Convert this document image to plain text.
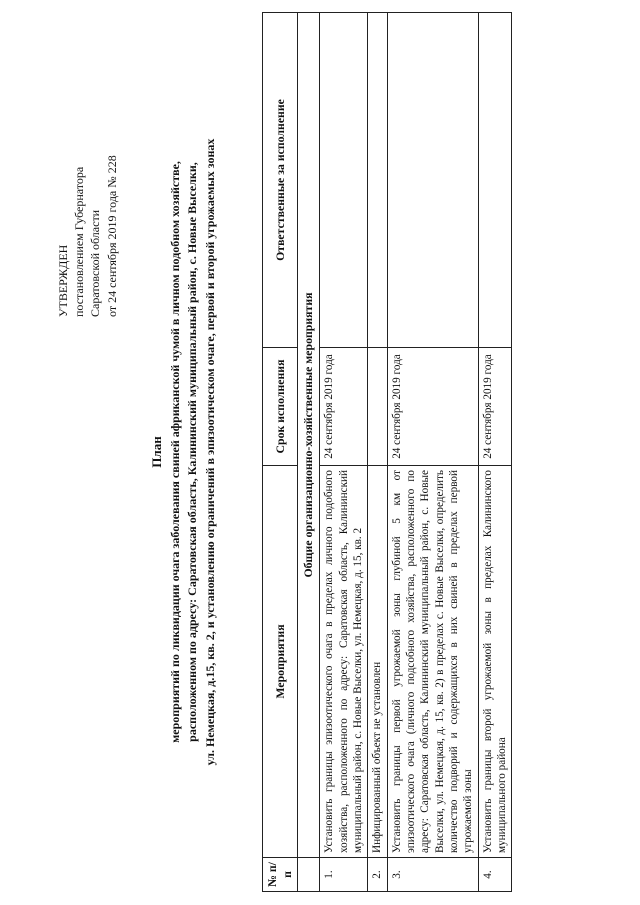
УТВЕРЖДЕН постановлением Губернатора Саратовской области от 24 сентября 2019 года № 228
План мероприятий по ликвидации очага заболевания свиней африканской чумой в личном подобном хозяйстве, расположенном по адресу: Саратовская область, Калининский муниципальный район, с. Новые Выселки, ул. Немецкая, д.15, кв. 2, и установлению ограничений в эпизоотическом очаге, первой и второй угрожаемых зонах
№ п/п	Мероприятия	Срок исполнения	Ответственные за исполнение
	Общие организационно-хозяйственные мероприятия		
1.	Установить границы эпизоотического очага в пределах личного подобного хозяйства, расположенного по адресу: Саратовская область, Калининский муниципальный район, с. Новые Выселки, ул. Немецкая, д. 15, кв. 2	24 сентября 2019 года	
2.	Инфицированный объект не установлен		
3.	Установить границы первой угрожаемой зоны глубиной 5 км от эпизоотического очага (личного подсобного хозяйства, расположенного по адресу: Саратовская область, Калининский муниципальный район, с. Новые Выселки, ул. Немецкая, д. 15, кв. 2) в пределах с. Новые Выселки, определить количество подворий и содержащихся в них свиней в пределах первой угрожаемой зоны	24 сентября 2019 года	
4.	Установить границы второй угрожаемой зоны в пределах Калининского муниципального района	24 сентября 2019 года	
